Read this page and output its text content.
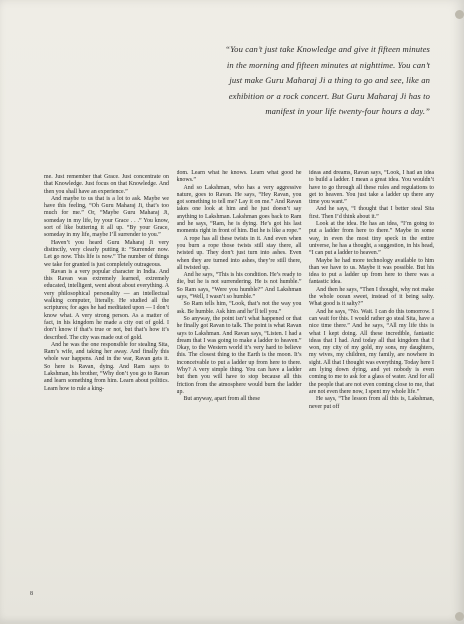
“You can’t just take Knowledge and give it fifteen minutes in the morning and fifteen minutes at nighttime. You can’t just make Guru Maharaj Ji a thing to go and see, like an exhibition or a rock concert. But Guru Maharaj Ji has to manifest in your life twenty-four hours a day.”

me. Just remember that Grace. Just concentrate on that Knowledge. Just focus on that Knowledge. And then you shall have an experience.”

And maybe to us that is a lot to ask. Maybe we have this feeling, “Oh Guru Maharaj Ji, that’s too much for me.” Or, “Maybe Guru Maharaj Ji, someday in my life, by your Grace . . .” You know, sort of like buttering it all up. “By your Grace, someday in my life, maybe I’ll surrender to you.”

Haven’t you heard Guru Maharaj Ji very distinctly, very clearly putting it: “Surrender now. Let go now. This life is now.” The number of things we take for granted is just completely outrageous.

Ravan is a very popular character in India. And this Ravan was extremely learned, extremely educated, intelligent, went about about everything. A very philosophical personality — an intellectual walking computer, literally. He studied all the scriptures; for ages he had meditated upon — I don’t know what. A very strong person. As a matter of fact, in his kingdom he made a city out of gold. I don’t know if that’s true or not, but that’s how it’s described. The city was made out of gold.

And he was the one responsible for stealing Sita, Ram’s wife, and taking her away. And finally this whole war happens. And in the war, Ravan gets it. So here is Ravan, dying. And Ram says to Lakshman, his brother, “Why don’t you go to Ravan and learn something from him. Learn about politics. Learn how to rule a king-

dom. Learn what he knows. Learn what good he knows.”

And so Lakshman, who has a very aggressive nature, goes to Ravan. He says, “Hey Ravan, you got something to tell me? Lay it on me.” And Ravan takes one look at him and he just doesn’t say anything to Lakshman. Lakshman goes back to Ram and he says, “Ram, he is dying. He’s got his last moments right in front of him. But he is like a rope.”

A rope has all these twists in it. And even when you burn a rope those twists still stay there, all twisted up. They don’t just turn into ashes. Even when they are turned into ashes, they’re still there, all twisted up.

And he says, “This is his condition. He’s ready to die, but he is not surrendering. He is not humble.” So Ram says, “Were you humble?” And Lakshman says, “Well, I wasn’t so humble.”

So Ram tells him, “Look, that’s not the way you ask. Be humble. Ask him and he’ll tell you.”

So anyway, the point isn’t what happened or that he finally got Ravan to talk. The point is what Ravan says to Lakshman. And Ravan says, “Listen. I had a dream that I was going to make a ladder to heaven.” Okay, to the Western world it’s very hard to believe this. The closest thing to the Earth is the moon. It’s inconceivable to put a ladder up from here to there. Why? A very simple thing. You can have a ladder but then you will have to stop because all this friction from the atmosphere would burn the ladder up.

But anyway, apart from all these

ideas and dreams, Ravan says, “Look, I had an idea to build a ladder. I mean a great idea. You wouldn’t have to go through all these rules and regulations to get to heaven. You just take a ladder up there any time you want.”

And he says, “I thought that I better steal Sita first. Then I’d think about it.”

Look at the idea. He has an idea, “I’m going to put a ladder from here to there.” Maybe in some way, in even the most tiny speck in the entire universe, he has a thought, a suggestion, in his head, “I can put a ladder to heaven.”

Maybe he had more technology available to him than we have to us. Maybe it was possible. But his idea to put a ladder up from here to there was a fantastic idea.

And then he says, “Then I thought, why not make the whole ocean sweet, instead of it being salty. What good is it salty?”

And he says, “No. Wait. I can do this tomorrow. I can wait for this. I would rather go steal Sita, have a nice time there.” And he says, “All my life this is what I kept doing. All these incredible, fantastic ideas that I had. And today all that kingdom that I won, my city of my gold, my sons, my daughters, my wives, my children, my family, are nowhere in sight. All that I thought was everything. Today here I am lying down dying, and yet nobody is even coming to me to ask for a glass of water. And for all the people that are not even coming close to me, that are not even there now, I spent my whole life.”

He says, “The lesson from all this is, Lakshman, never put off

8
